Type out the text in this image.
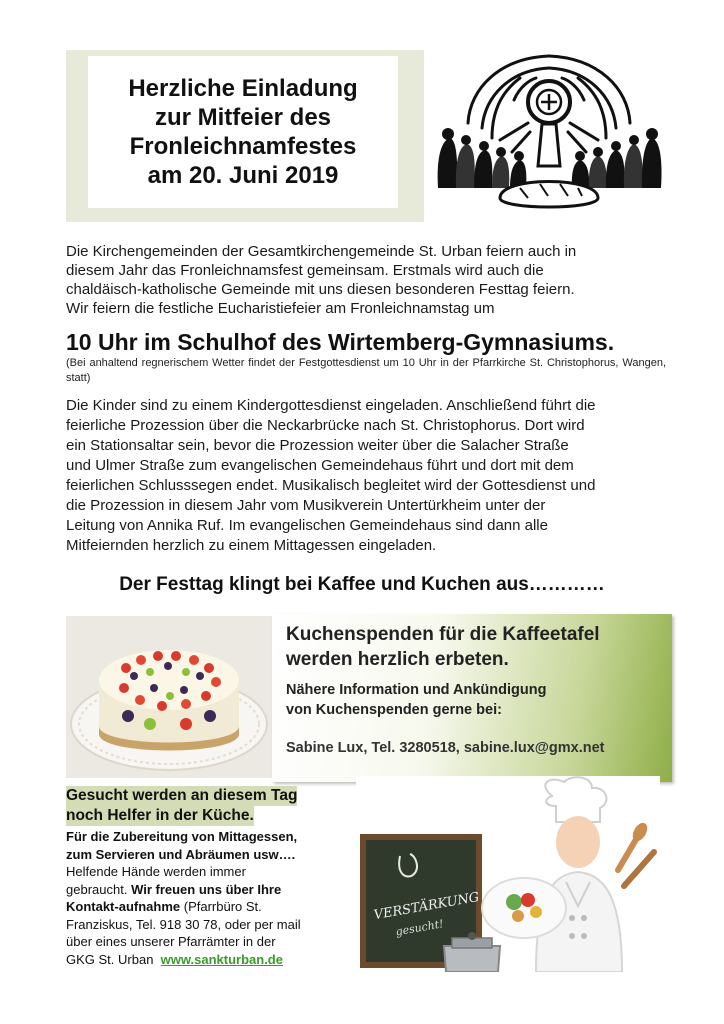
Herzliche Einladung
zur Mitfeier des
Fronleichnamfestes
am 20. Juni 2019
Die Kirchengemeinden der Gesamtkirchengemeinde St. Urban feiern auch in
diesem Jahr das Fronleichnamsfest gemeinsam. Erstmals wird auch die
chaldäisch-katholische Gemeinde mit uns diesen besonderen Festtag feiern.
Wir feiern die festliche Eucharistiefeier am Fronleichnamstag um
10 Uhr im Schulhof des Wirtemberg-Gymnasiums.
(Bei anhaltend regnerischem Wetter findet der Festgottesdienst um 10 Uhr in der Pfarrkirche St. Christophorus, Wangen, statt)
Die Kinder sind zu einem Kindergottesdienst eingeladen. Anschließend führt die
feierliche Prozession über die Neckarbrücke nach St. Christophorus. Dort wird
ein Stationsaltar sein, bevor die Prozession weiter über die Salacher Straße
und Ulmer Straße zum evangelischen Gemeindehaus führt und dort mit dem
feierlichen Schlusssegen endet. Musikalisch begleitet wird der Gottesdienst und
die Prozession in diesem Jahr vom Musikverein Untertürkheim unter der
Leitung von Annika Ruf. Im evangelischen Gemeindehaus sind dann alle
Mitfeiernden herzlich zu einem Mittagessen eingeladen.
Der Festtag klingt bei Kaffee und Kuchen aus…………
Kuchenspenden für die Kaffeetafel
werden herzlich erbeten.
Nähere Information und Ankündigung
von Kuchenspenden gerne bei:
Sabine Lux, Tel. 3280518, sabine.lux@gmx.net
Gesucht werden an diesem Tag
noch Helfer in der Küche.
Für die Zubereitung von Mittagessen,
zum Servieren und Abräumen usw….
Helfende Hände werden immer
gebraucht. Wir freuen uns über Ihre
Kontakt-aufnahme (Pfarrbüro St.
Franziskus, Tel. 918 30 78, oder per mail
über eines unserer Pfarrämter in der
GKG St. Urban www.sankturban.de
VERSTÄRKUNG
gesucht!
